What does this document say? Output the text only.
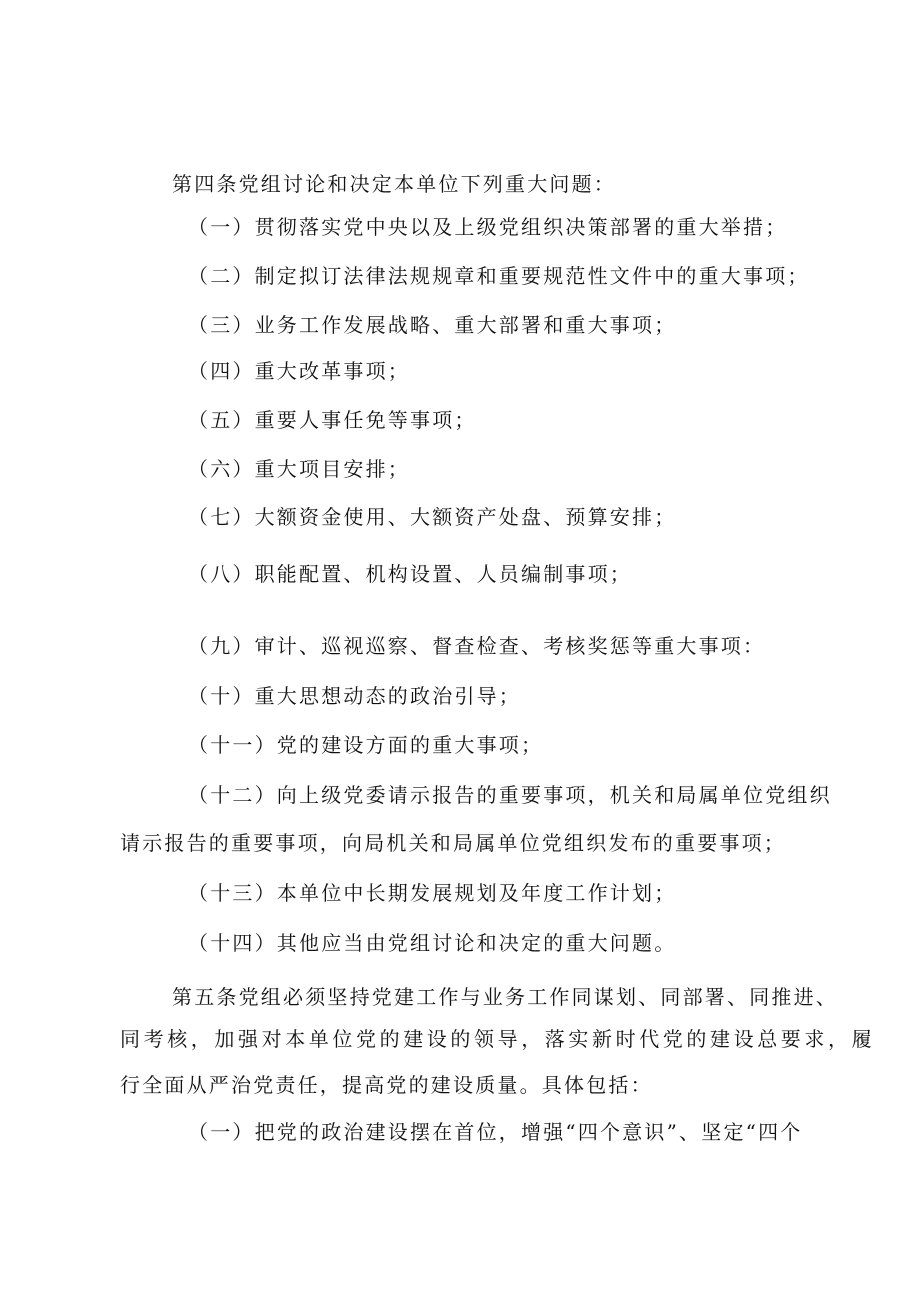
第四条党组讨论和决定本单位下列重大问题：
（一）贯彻落实党中央以及上级党组织决策部署的重大举措；
（二）制定拟订法律法规规章和重要规范性文件中的重大事项；
（三）业务工作发展战略、重大部署和重大事项；
（四）重大改革事项；
（五）重要人事任免等事项；
（六）重大项目安排；
（七）大额资金使用、大额资产处盘、预算安排；
（八）职能配置、机构设置、人员编制事项；
（九）审计、巡视巡察、督查检查、考核奖惩等重大事项：
（十）重大思想动态的政治引导；
（十一）党的建设方面的重大事项；
（十二）向上级党委请示报告的重要事项，机关和局属单位党组织
请示报告的重要事项，向局机关和局属单位党组织发布的重要事项；
（十三）本单位中长期发展规划及年度工作计划；
（十四）其他应当由党组讨论和决定的重大问题。
第五条党组必须坚持党建工作与业务工作同谋划、同部署、同推进、
同考核，加强对本单位党的建设的领导，落实新时代党的建设总要求，履
行全面从严治党责任，提高党的建设质量。具体包括：
（一）把党的政治建设摆在首位，增强“四个意识”、坚定“四个
